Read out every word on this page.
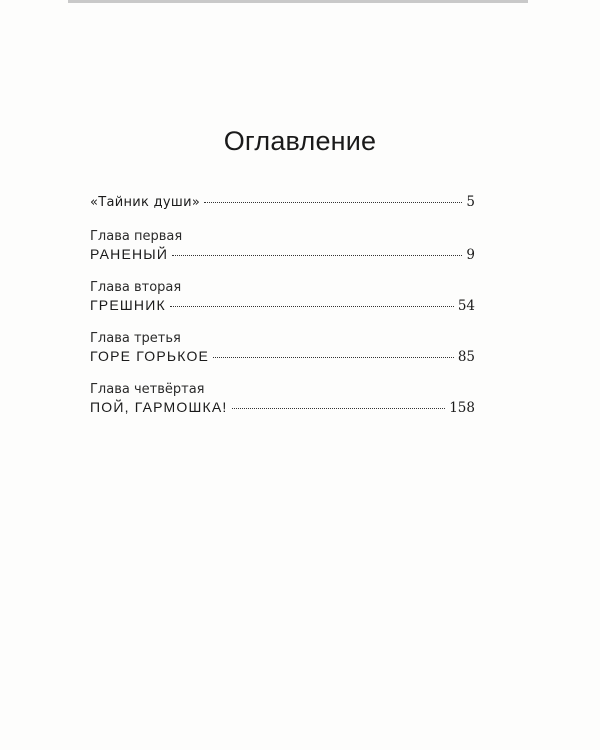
Оглавление
«Тайник души»	5
Глава первая
РАНЕНЫЙ	9
Глава вторая
ГРЕШНИК	54
Глава третья
ГОРЕ ГОРЬКОЕ	85
Глава четвёртая
ПОЙ, ГАРМОШКА!	158
